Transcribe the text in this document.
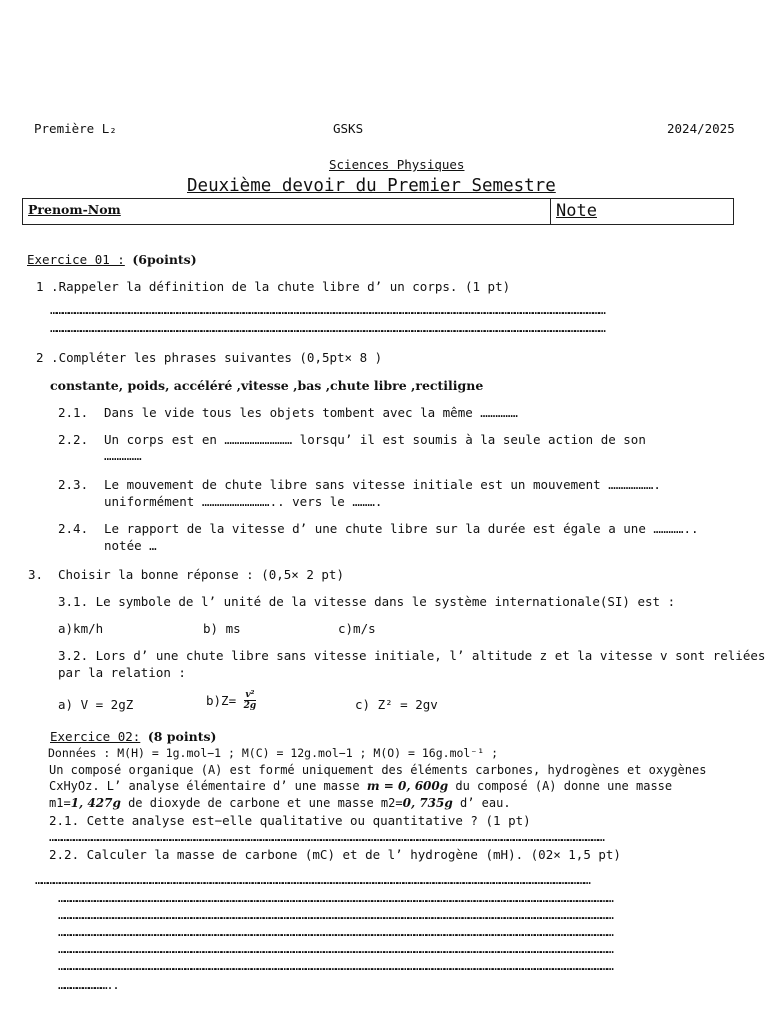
Première L₂	GSKS	2024/2025
Sciences Physiques
Deuxième devoir du Premier Semestre
Prenom-Nom	Note
Exercice 01 : (6points)
1 .Rappeler la définition de la chute libre d’ un corps. (1 pt)
……………………………………………………………………………………………………………………………………………………………………………………………………………………………………………………
……………………………………………………………………………………………………………………………………………………………………………………………………………………………………………………
2 .Compléter les phrases suivantes (0,5pt× 8 )
constante, poids, accéléré ,vitesse ,bas ,chute libre ,rectiligne
2.1. Dans le vide tous les objets tombent avec la même ……………
2.2. Un corps est en ……………………… lorsqu’ il est soumis à la seule action de son
……………
2.3. Le mouvement de chute libre sans vitesse initiale est un mouvement ……………….
uniformément ……………………….. vers le ……….
2.4. Le rapport de la vitesse d’ une chute libre sur la durée est égale a une …………..
notée …
3. Choisir la bonne réponse : (0,5× 2 pt)
3.1. Le symbole de l’ unité de la vitesse dans le système internationale(SI) est :
a)km/h	b) ms	c)m/s
3.2. Lors d’ une chute libre sans vitesse initiale, l’ altitude z et la vitesse v sont reliées
par la relation :
a) V = 2gZ	$b)Z= \frac{\text{v²}}{2g}$	c) Z² = 2gv
Exercice 02: (8 points)
Données : M(H) = 1g.mol−1 ; M(C) = 12g.mol−1 ; M(O) = 16g.mol⁻¹ ;
Un composé organique (A) est formé uniquement des éléments carbones, hydrogènes et oxygènes
CxHyOz. L’ analyse élémentaire d’ une masse m = 0, 600g du composé (A) donne une masse
m1=1, 427g de dioxyde de carbone et une masse m2=0, 735g d’ eau.
2.1. Cette analyse est−elle qualitative ou quantitative ? (1 pt)
……………………………………………………………………………………………………………………………………………………………………………………………………………………………………………………
2.2. Calculer la masse de carbone (mC) et de l’ hydrogène (mH). (02× 1,5 pt)
……………………………………………………………………………………………………………………………………………………………………………………………………………………………………………………
……………………………………………………………………………………………………………………………………………………………………………………………………………………………………………………
……………………………………………………………………………………………………………………………………………………………………………………………………………………………………………………
……………………………………………………………………………………………………………………………………………………………………………………………………………………………………………………
……………………………………………………………………………………………………………………………………………………………………………………………………………………………………………………
……………………………………………………………………………………………………………………………………………………………………………………………………………………………………………………
……………………..
